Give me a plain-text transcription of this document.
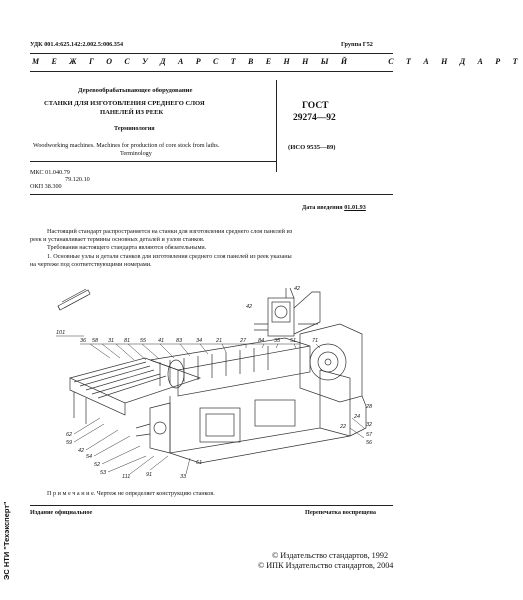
УДК 001.4:625.142:2.002.5:006.354	Группа Г52
М Е Ж Г О С У Д А Р С Т В Е Н Н Ы Й     С Т А Н Д А Р Т
Деревообрабатывающее оборудование
СТАНКИ ДЛЯ ИЗГОТОВЛЕНИЯ СРЕДНЕГО СЛОЯ
ПАНЕЛЕЙ ИЗ РЕЕК
Терминология
ГОСТ
29274—92
(ИСО 9535—89)
Woodworking machines. Machines for production of core stock from laths.
Terminology
МКС 01.040.79
79.120.10
ОКП 38.300
Дата введения 01.01.93
Настоящий стандарт распространяется на станки для изготовления среднего слоя панелей из
реек и устанавливает термины основных деталей и узлов станков.
Требования настоящего стандарта являются обязательными.
1. Основные узлы и детали станков для изготовления среднего слоя панелей из реек указаны
на чертеже под соответствующими номерами.
101
42
42
36 58 31 81 55 41 83	34	21	27 84 35 51	71
62
59
42
54
52
53
111	91	33
61
22
24
28
32
57
56
П р и м е ч а н и е. Чертеж не определяет конструкцию станков.
Издание официальное	Перепечатка воспрещена
© Издательство стандартов, 1992
© ИПК Издательство стандартов, 2004
ЭС НТИ "Техэксперт"
